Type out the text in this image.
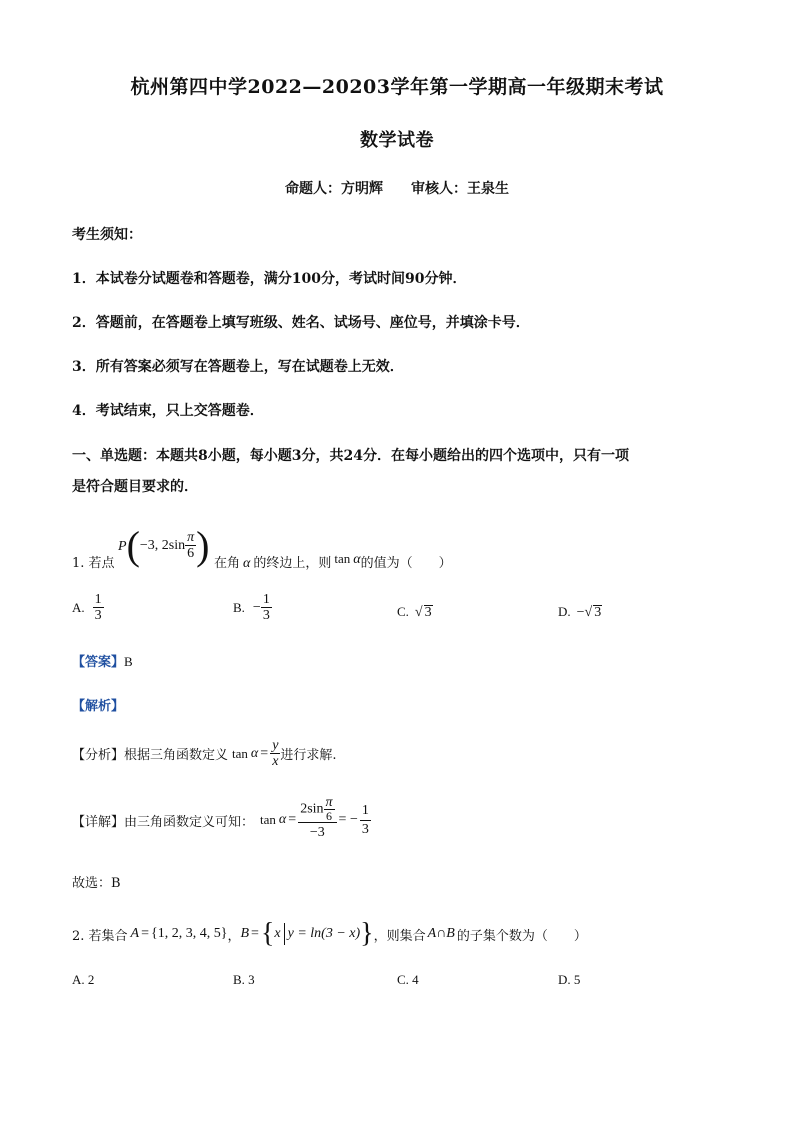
杭州第四中学2022—20203学年第一学期高一年级期末考试
数学试卷
命题人：方明辉　　审核人：王泉生
考生须知：
1．本试卷分试题卷和答题卷，满分100分，考试时间90分钟．
2．答题前，在答题卷上填写班级、姓名、试场号、座位号，并填涂卡号．
3．所有答案必须写在答题卷上，写在试题卷上无效．
4．考试结束，只上交答题卷．
一、单选题：本题共8小题，每小题3分，共24分．在每小题给出的四个选项中，只有一项
是符合题目要求的．
1. 若点
P(−3, $2\sin \frac{\pi}{6}$ ) 在角 α 的终边上，则 tan α的值为（　　）
A. $\frac{1}{3}$	B. − $\frac{1}{3}$	C. √ 3	D. −√ 3
【答案】B
【解析】
【分析】根据三角函数定义 $\tan \alpha = \frac{y}{x}$ 进行求解.
【详解】由三角函数定义可知： $\tan \alpha = \frac{2\sin \frac{\pi}{6}}{-3}$ = − $\frac{1}{3}$
故选：B
2. 若集合 A = {1, 2, 3, 4, 5}，B ={x y = ln(3 − x)}，则集合 A∩B 的子集个数为（　　）
A. 2	B. 3	C. 4	D. 5
